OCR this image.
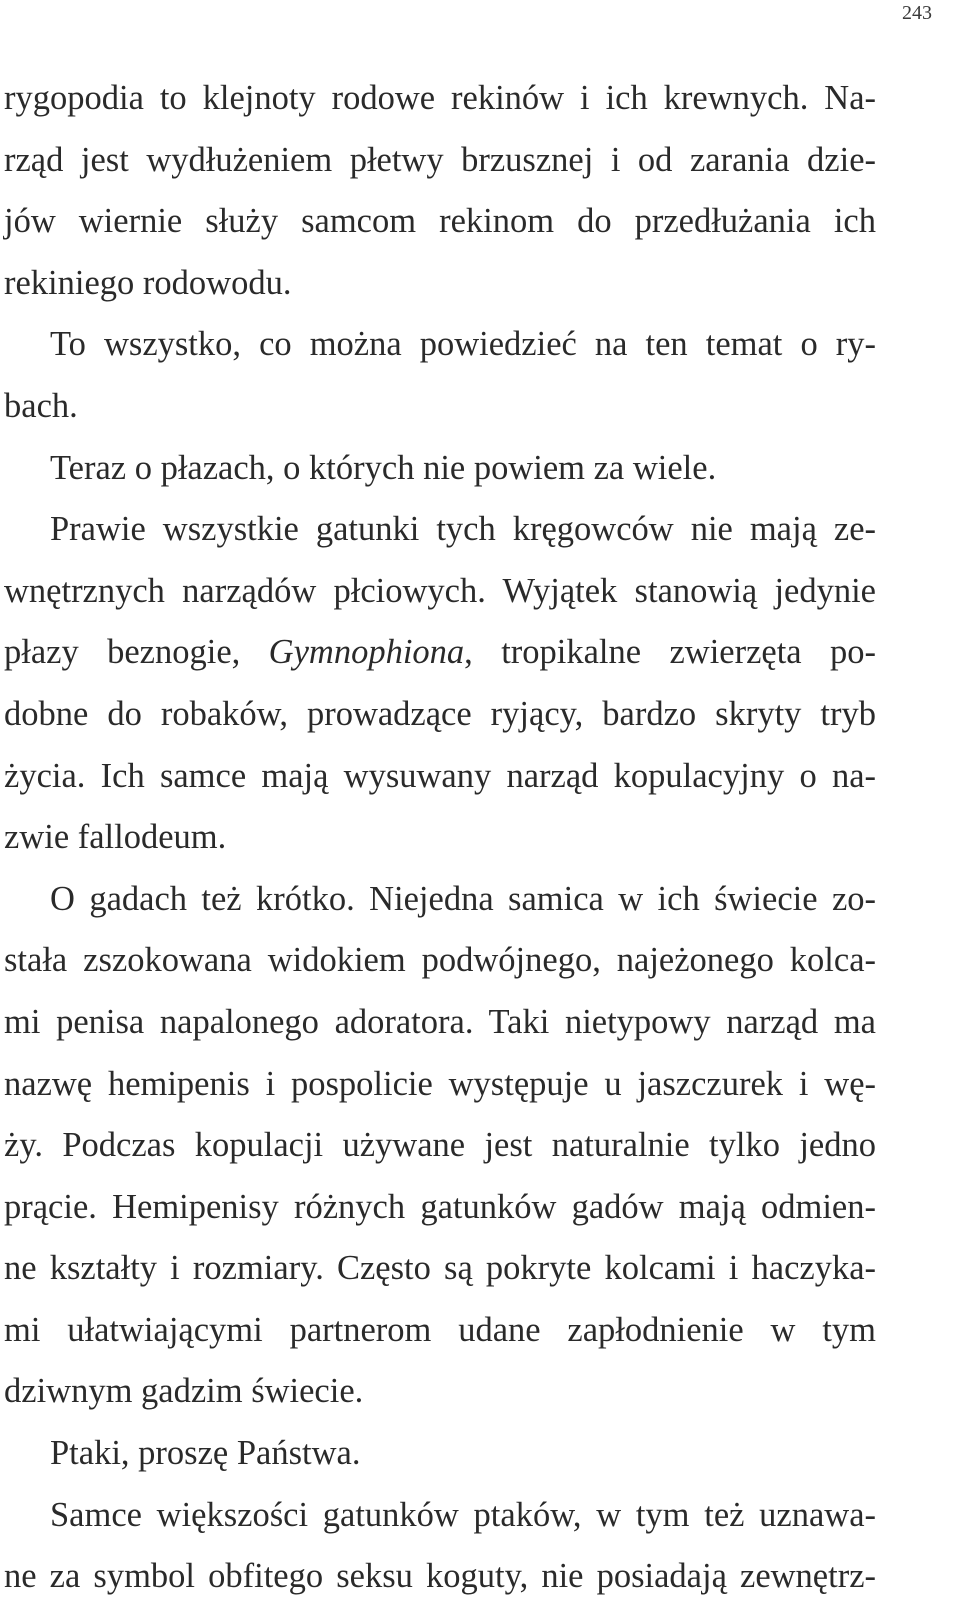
243
rygopodia to klejnoty rodowe rekinów i ich krewnych. Na-
rząd jest wydłużeniem płetwy brzusznej i od zarania dzie-
jów wiernie służy samcom rekinom do przedłużania ich
rekiniego rodowodu.
To wszystko, co można powiedzieć na ten temat o ry-
bach.
Teraz o płazach, o których nie powiem za wiele.
Prawie wszystkie gatunki tych kręgowców nie mają ze-
wnętrznych narządów płciowych. Wyjątek stanowią jedynie
płazy beznogie, Gymnophiona, tropikalne zwierzęta po-
dobne do robaków, prowadzące ryjący, bardzo skryty tryb
życia. Ich samce mają wysuwany narząd kopulacyjny o na-
zwie fallodeum.
O gadach też krótko. Niejedna samica w ich świecie zo-
stała zszokowana widokiem podwójnego, najeżonego kolca-
mi penisa napalonego adoratora. Taki nietypowy narząd ma
nazwę hemipenis i pospolicie występuje u jaszczurek i wę-
ży. Podczas kopulacji używane jest naturalnie tylko jedno
prącie. Hemipenisy różnych gatunków gadów mają odmien-
ne kształty i rozmiary. Często są pokryte kolcami i haczyka-
mi ułatwiającymi partnerom udane zapłodnienie w tym
dziwnym gadzim świecie.
Ptaki, proszę Państwa.
Samce większości gatunków ptaków, w tym też uznawa-
ne za symbol obfitego seksu koguty, nie posiadają zewnętrz-
